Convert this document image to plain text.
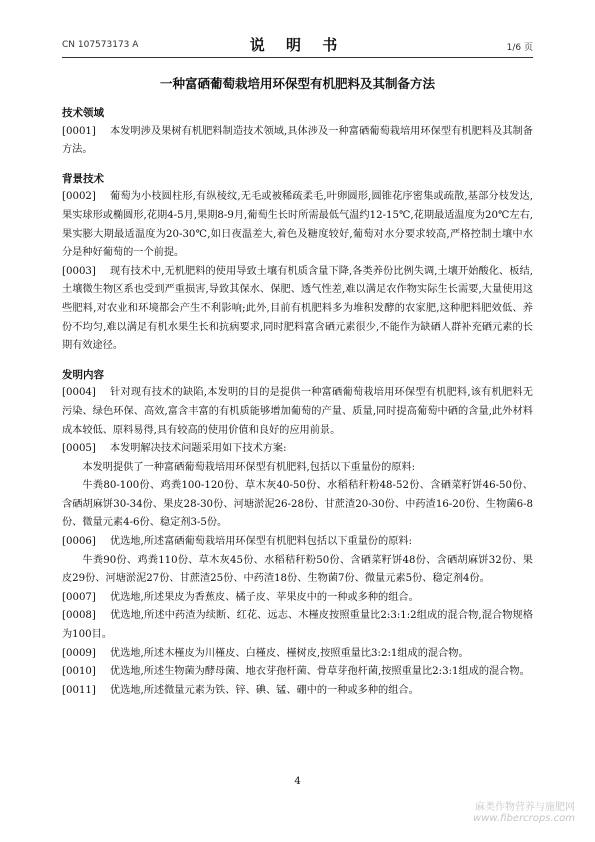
CN 107573173 A	说 明 书	1/6 页
一种富硒葡萄栽培用环保型有机肥料及其制备方法
技术领域

[0001] 本发明涉及果树有机肥料制造技术领域,具体涉及一种富硒葡萄栽培用环保型有机肥料及其制备方法。

背景技术

[0002] 葡萄为小枝圆柱形,有纵棱纹,无毛或被稀疏柔毛,叶卵圆形,圆锥花序密集或疏散,基部分枝发达,果实球形或椭圆形,花期4-5月,果期8-9月,葡萄生长时所需最低气温约12-15℃,花期最适温度为20℃左右,果实膨大期最适温度为20-30℃,如日夜温差大,着色及糖度较好,葡萄对水分要求较高,严格控制土壤中水分是种好葡萄的一个前提。

[0003] 现有技术中,无机肥料的使用导致土壤有机质含量下降,各类养份比例失调,土壤开始酸化、板结,土壤微生物区系也受到严重损害,导致其保水、保肥、透气性差,难以满足农作物实际生长需要,大量使用这些肥料,对农业和环境都会产生不利影响;此外,目前有机肥料多为堆积发酵的农家肥,这种肥料肥效低、养份不均匀,难以满足有机水果生长和抗病要求,同时肥料富含硒元素很少,不能作为缺硒人群补充硒元素的长期有效途径。

发明内容

[0004] 针对现有技术的缺陷,本发明的目的是提供一种富硒葡萄栽培用环保型有机肥料,该有机肥料无污染、绿色环保、高效,富含丰富的有机质能够增加葡萄的产量、质量,同时提高葡萄中硒的含量,此外材料成本较低、原料易得,具有较高的使用价值和良好的应用前景。

[0005] 本发明解决技术问题采用如下技术方案:

本发明提供了一种富硒葡萄栽培用环保型有机肥料,包括以下重量份的原料:

牛粪80-100份、鸡粪100-120份、草木灰40-50份、水稻秸秆粉48-52份、含硒菜籽饼46-50份、含硒胡麻饼30-34份、果皮28-30份、河塘淤泥26-28份、甘蔗渣20-30份、中药渣16-20份、生物菌6-8份、微量元素4-6份、稳定剂3-5份。

[0006] 优选地,所述富硒葡萄栽培用环保型有机肥料包括以下重量份的原料:

牛粪90份、鸡粪110份、草木灰45份、水稻秸秆粉50份、含硒菜籽饼48份、含硒胡麻饼32份、果皮29份、河塘淤泥27份、甘蔗渣25份、中药渣18份、生物菌7份、微量元素5份、稳定剂4份。

[0007] 优选地,所述果皮为香蕉皮、橘子皮、苹果皮中的一种或多种的组合。

[0008] 优选地,所述中药渣为续断、红花、远志、木槿皮按照重量比2:3:1:2组成的混合物,混合物规格为100目。

[0009] 优选地,所述木槿皮为川槿皮、白槿皮、槿树皮,按照重量比3:2:1组成的混合物。

[0010] 优选地,所述生物菌为酵母菌、地衣芽孢杆菌、骨草芽孢杆菌,按照重量比2:3:1组成的混合物。

[0011] 优选地,所述微量元素为铁、锌、碘、锰、硼中的一种或多种的组合。

4
麻类作物营养与施肥网
www.fibercrops.com
